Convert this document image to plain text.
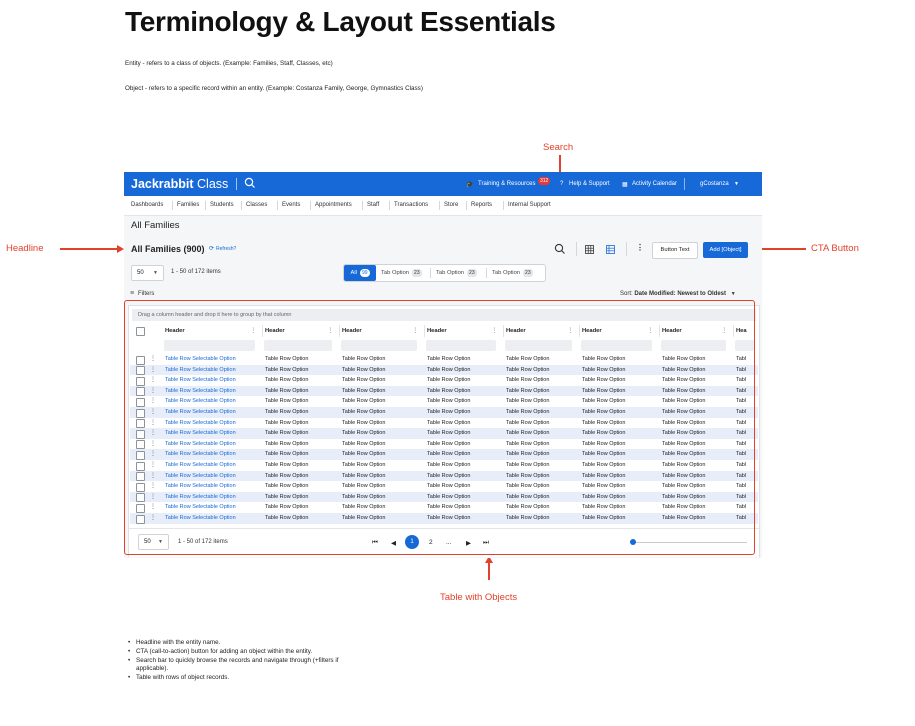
Terminology & Layout Essentials

Entity - refers to a class of objects. (Example: Families, Staff, Classes, etc)

Object - refers to a specific record within an entity. (Example: Costanza Family, George, Gymnastics Class)

Search
Headline	CTA Button
Table with Objects
Jackrabbit Class	🎓 Training & Resources 312	? Help & Support ▦ Activity Calendar	gCostanza ▼
Dashboards Families Students Classes Events Appointments	Staff Transactions	Store Reports	Internal Support
All Families
All Families (900) ⟳ Refresh?	⋮	Button Text	Add [Object]
50 ▼ 1 - 50 of 172 items	All 99	Tab Option 23	Tab Option 23	Tab Option 23
≡ Filters	Sort: Date Modified: Newest to Oldest ▼
Drag a column header and drop it here to group by that column
Header	⋮ Header	⋮ Header	⋮ Header	⋮ Header	⋮ Header	⋮ Header	⋮ Hea
⋮ Table Row Selectable Option	Table Row Option	Table Row Option	Table Row Option	Table Row Option	Table Row Option	Table Row Option	Tabl
⋮ Table Row Selectable Option	Table Row Option	Table Row Option	Table Row Option	Table Row Option	Table Row Option	Table Row Option	Tabl
⋮ Table Row Selectable Option	Table Row Option	Table Row Option	Table Row Option	Table Row Option	Table Row Option	Table Row Option	Tabl
⋮ Table Row Selectable Option	Table Row Option	Table Row Option	Table Row Option	Table Row Option	Table Row Option	Table Row Option	Tabl
⋮ Table Row Selectable Option	Table Row Option	Table Row Option	Table Row Option	Table Row Option	Table Row Option	Table Row Option	Tabl
⋮ Table Row Selectable Option	Table Row Option	Table Row Option	Table Row Option	Table Row Option	Table Row Option	Table Row Option	Tabl
⋮ Table Row Selectable Option	Table Row Option	Table Row Option	Table Row Option	Table Row Option	Table Row Option	Table Row Option	Tabl
⋮ Table Row Selectable Option	Table Row Option	Table Row Option	Table Row Option	Table Row Option	Table Row Option	Table Row Option	Tabl
⋮ Table Row Selectable Option	Table Row Option	Table Row Option	Table Row Option	Table Row Option	Table Row Option	Table Row Option	Tabl
⋮ Table Row Selectable Option	Table Row Option	Table Row Option	Table Row Option	Table Row Option	Table Row Option	Table Row Option	Tabl
⋮ Table Row Selectable Option	Table Row Option	Table Row Option	Table Row Option	Table Row Option	Table Row Option	Table Row Option	Tabl
⋮ Table Row Selectable Option	Table Row Option	Table Row Option	Table Row Option	Table Row Option	Table Row Option	Table Row Option	Tabl
⋮ Table Row Selectable Option	Table Row Option	Table Row Option	Table Row Option	Table Row Option	Table Row Option	Table Row Option	Tabl
⋮ Table Row Selectable Option	Table Row Option	Table Row Option	Table Row Option	Table Row Option	Table Row Option	Table Row Option	Tabl
⋮ Table Row Selectable Option	Table Row Option	Table Row Option	Table Row Option	Table Row Option	Table Row Option	Table Row Option	Tabl
⋮ Table Row Selectable Option	Table Row Option	Table Row Option	Table Row Option	Table Row Option	Table Row Option	Table Row Option	Tabl
50 ▼	1 - 50 of 172 items	⏮ ◀	1	2 ... ▶ ⏭
• Headline with the entity name.
• CTA (call-to-action) button for adding an object within the entity.
• Search bar to quickly browse the records and navigate through (+filters if applicable).
• Table with rows of object records.
